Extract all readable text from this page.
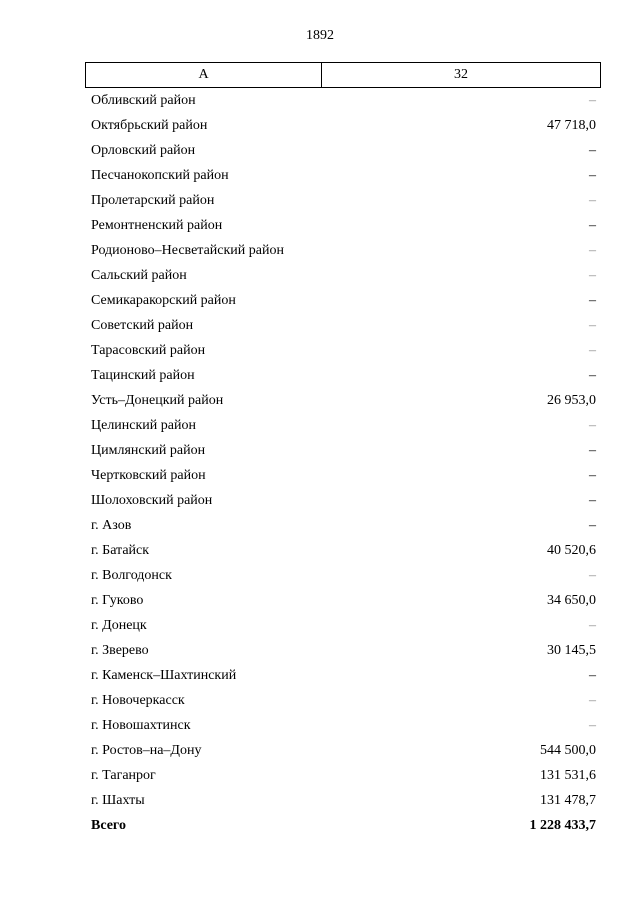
1892
А	32
Обливский район	–
Октябрьский район	47 718,0
Орловский район	–
Песчанокопский район	–
Пролетарский район	–
Ремонтненский район	–
Родионово–Несветайский район	–
Сальский район	–
Семикаракорский район	–
Советский район	–
Тарасовский район	–
Тацинский район	–
Усть–Донецкий район	26 953,0
Целинский район	–
Цимлянский район	–
Чертковский район	–
Шолоховский район	–
г. Азов	–
г. Батайск	40 520,6
г. Волгодонск	–
г. Гуково	34 650,0
г. Донецк	–
г. Зверево	30 145,5
г. Каменск–Шахтинский	–
г. Новочеркасск	–
г. Новошахтинск	–
г. Ростов–на–Дону	544 500,0
г. Таганрог	131 531,6
г. Шахты	131 478,7
Всего	1 228 433,7
